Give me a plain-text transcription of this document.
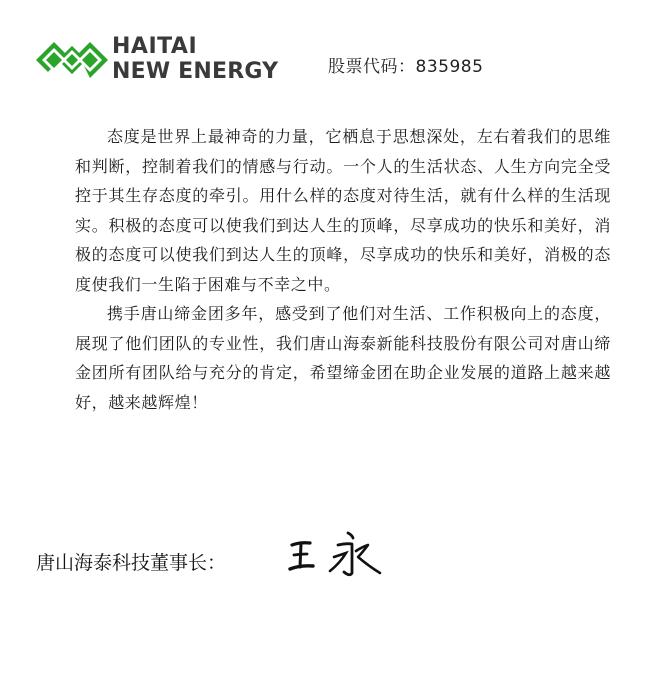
HAITAI
NEW ENERGY	股票代码：835985

态度是世界上最神奇的力量，它栖息于思想深处，左右着我们的思维和判断，控制着我们的情感与行动。一个人的生活状态、人生方向完全受控于其生存态度的牵引。用什么样的态度对待生活，就有什么样的生活现实。积极的态度可以使我们到达人生的顶峰，尽享成功的快乐和美好，消极的态度可以使我们到达人生的顶峰，尽享成功的快乐和美好，消极的态度使我们一生陷于困难与不幸之中。

携手唐山缔金团多年，感受到了他们对生活、工作积极向上的态度，展现了他们团队的专业性，我们唐山海泰新能科技股份有限公司对唐山缔金团所有团队给与充分的肯定，希望缔金团在助企业发展的道路上越来越好，越来越辉煌！

唐山海泰科技董事长：
